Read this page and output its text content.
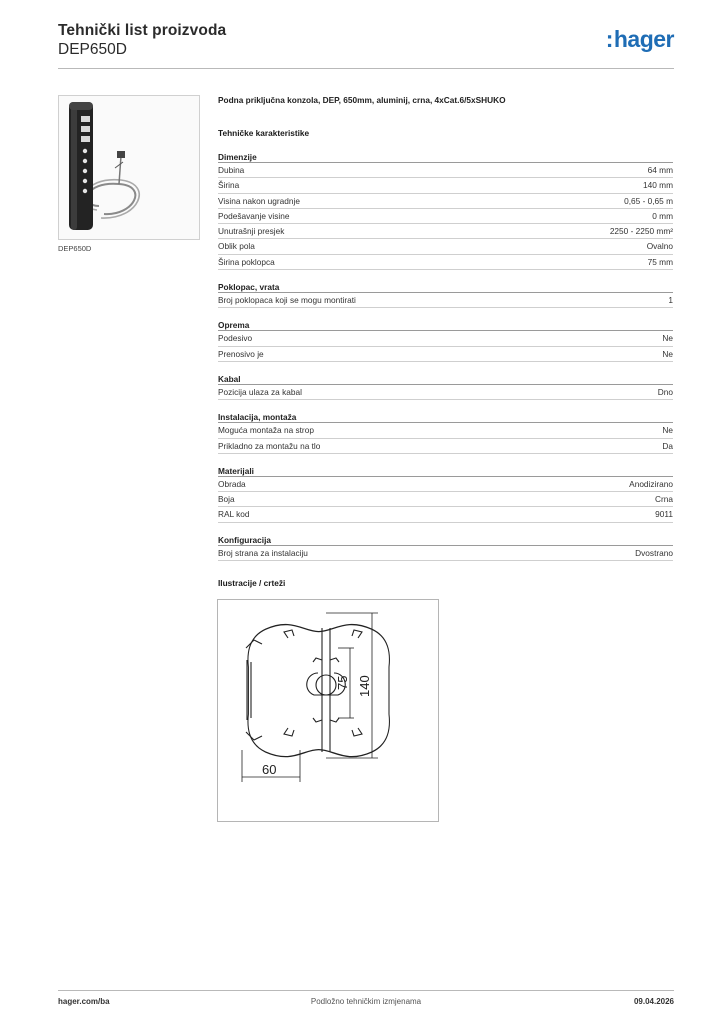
Tehnički list proizvoda
DEP650D	:hager
DEP650D
Podna priključna konzola, DEP, 650mm, aluminij, crna, 4xCat.6/5xSHUKO
Tehničke karakteristike
Dimenzije
Dubina	64 mm
Širina	140 mm
Visina nakon ugradnje	0,65 - 0,65 m
Podešavanje visine	0 mm
Unutrašnji presjek	2250 - 2250 mm²
Oblik pola	Ovalno
Širina poklopca	75 mm
Poklopac, vrata
Broj poklopaca koji se mogu montirati	1
Oprema
Podesivo	Ne
Prenosivo je	Ne
Kabal
Pozicija ulaza za kabal	Dno
Instalacija, montaža
Moguća montaža na strop	Ne
Prikladno za montažu na tlo	Da
Materijali
Obrada	Anodizirano
Boja	Crna
RAL kod	9011
Konfiguracija
Broj strana za instalaciju	Dvostrano
Ilustracije / crteži
60
75 140
hager.com/ba	Podložno tehničkim izmjenama	09.04.2026
